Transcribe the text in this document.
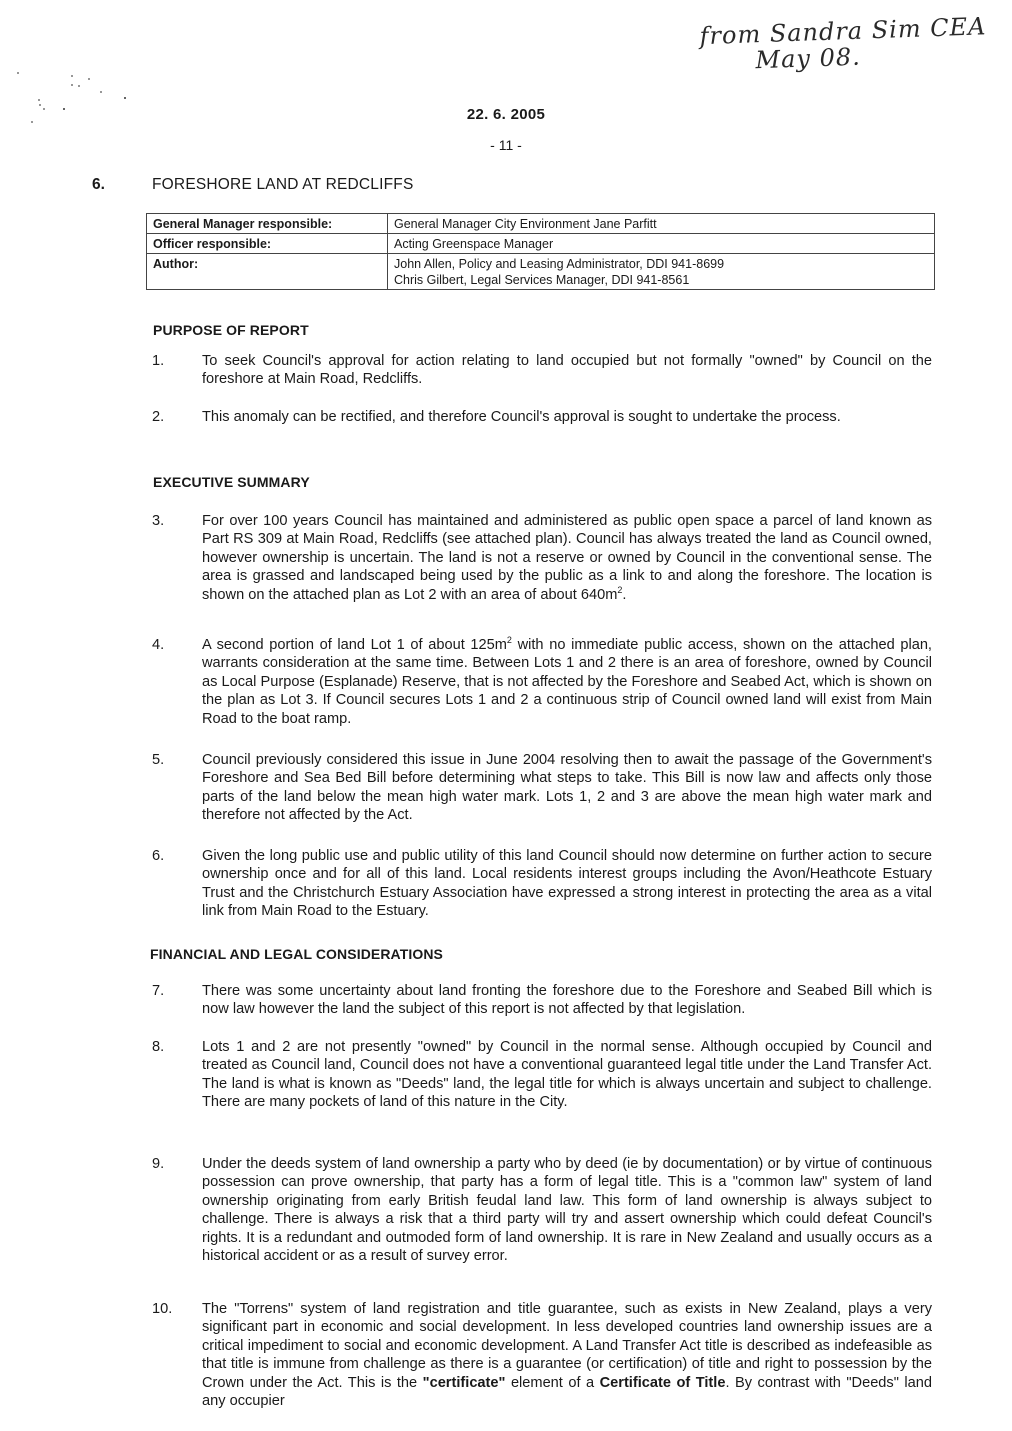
from Sandra Sim CEA
May 08.
22. 6. 2005
- 11 -
6.	FORESHORE LAND AT REDCLIFFS
General Manager responsible:	General Manager City Environment Jane Parfitt
Officer responsible:	Acting Greenspace Manager
Author:	John Allen, Policy and Leasing Administrator, DDI 941-8699
Chris Gilbert, Legal Services Manager, DDI 941-8561
PURPOSE OF REPORT
1.	To seek Council's approval for action relating to land occupied but not formally "owned" by Council on the foreshore at Main Road, Redcliffs.
2.	This anomaly can be rectified, and therefore Council's approval is sought to undertake the process.
EXECUTIVE SUMMARY
3.	For over 100 years Council has maintained and administered as public open space a parcel of land known as Part RS 309 at Main Road, Redcliffs (see attached plan). Council has always treated the land as Council owned, however ownership is uncertain. The land is not a reserve or owned by Council in the conventional sense. The area is grassed and landscaped being used by the public as a link to and along the foreshore. The location is shown on the attached plan as Lot 2 with an area of about $640m^2$.
4.	A second portion of land Lot 1 of about $125m^2$ with no immediate public access, shown on the attached plan, warrants consideration at the same time. Between Lots 1 and 2 there is an area of foreshore, owned by Council as Local Purpose (Esplanade) Reserve, that is not affected by the Foreshore and Seabed Act, which is shown on the plan as Lot 3. If Council secures Lots 1 and 2 a continuous strip of Council owned land will exist from Main Road to the boat ramp.
5.	Council previously considered this issue in June 2004 resolving then to await the passage of the Government's Foreshore and Sea Bed Bill before determining what steps to take. This Bill is now law and affects only those parts of the land below the mean high water mark. Lots 1, 2 and 3 are above the mean high water mark and therefore not affected by the Act.
6.	Given the long public use and public utility of this land Council should now determine on further action to secure ownership once and for all of this land. Local residents interest groups including the Avon/Heathcote Estuary Trust and the Christchurch Estuary Association have expressed a strong interest in protecting the area as a vital link from Main Road to the Estuary.
FINANCIAL AND LEGAL CONSIDERATIONS
7.	There was some uncertainty about land fronting the foreshore due to the Foreshore and Seabed Bill which is now law however the land the subject of this report is not affected by that legislation.
8.	Lots 1 and 2 are not presently "owned" by Council in the normal sense. Although occupied by Council and treated as Council land, Council does not have a conventional guaranteed legal title under the Land Transfer Act. The land is what is known as "Deeds" land, the legal title for which is always uncertain and subject to challenge. There are many pockets of land of this nature in the City.
9.	Under the deeds system of land ownership a party who by deed (ie by documentation) or by virtue of continuous possession can prove ownership, that party has a form of legal title. This is a "common law" system of land ownership originating from early British feudal land law. This form of land ownership is always subject to challenge. There is always a risk that a third party will try and assert ownership which could defeat Council's rights. It is a redundant and outmoded form of land ownership. It is rare in New Zealand and usually occurs as a historical accident or as a result of survey error.
10.	The "Torrens" system of land registration and title guarantee, such as exists in New Zealand, plays a very significant part in economic and social development. In less developed countries land ownership issues are a critical impediment to social and economic development. A Land Transfer Act title is described as indefeasible as that title is immune from challenge as there is a guarantee (or certification) of title and right to possession by the Crown under the Act. This is the "certificate" element of a Certificate of Title. By contrast with "Deeds" land any occupier
